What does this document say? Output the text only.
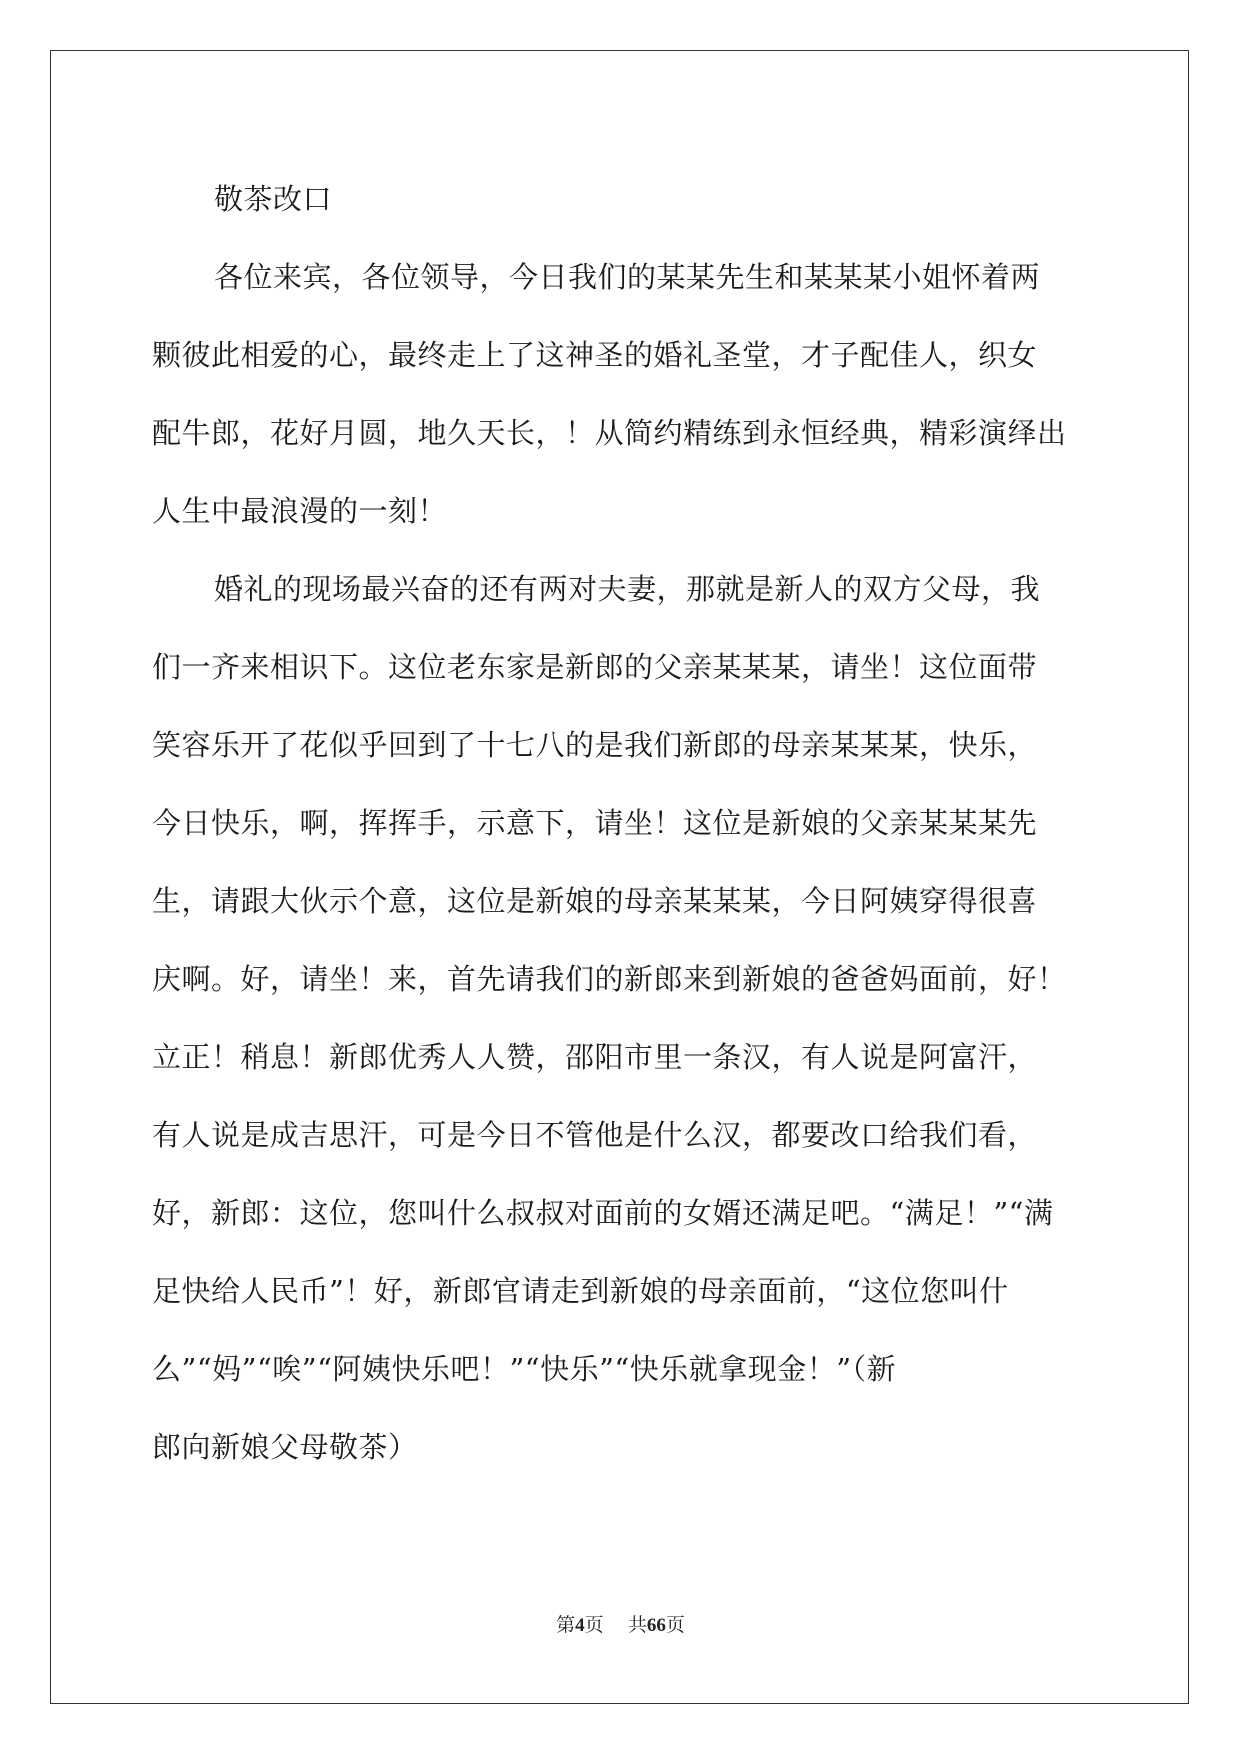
敬茶改口
各位来宾，各位领导，今日我们的某某先生和某某某小姐怀着两
颗彼此相爱的心，最终走上了这神圣的婚礼圣堂，才子配佳人，织女
配牛郎，花好月圆，地久天长，！从简约精练到永恒经典，精彩演绎出
人生中最浪漫的一刻！
婚礼的现场最兴奋的还有两对夫妻，那就是新人的双方父母，我
们一齐来相识下。这位老东家是新郎的父亲某某某，请坐！这位面带
笑容乐开了花似乎回到了十七八的是我们新郎的母亲某某某，快乐，
今日快乐，啊，挥挥手，示意下，请坐！这位是新娘的父亲某某某先
生，请跟大伙示个意，这位是新娘的母亲某某某，今日阿姨穿得很喜
庆啊。好，请坐！来，首先请我们的新郎来到新娘的爸爸妈面前，好！
立正！稍息！新郎优秀人人赞，邵阳市里一条汉，有人说是阿富汗，
有人说是成吉思汗，可是今日不管他是什么汉，都要改口给我们看，
好，新郎：这位，您叫什么叔叔对面前的女婿还满足吧。“满足！”“满
足快给人民币”！好，新郎官请走到新娘的母亲面前，“这位您叫什
么”“妈”“唉”“阿姨快乐吧！”“快乐”“快乐就拿现金！”（新
郎向新娘父母敬茶）
第4页 共66页
